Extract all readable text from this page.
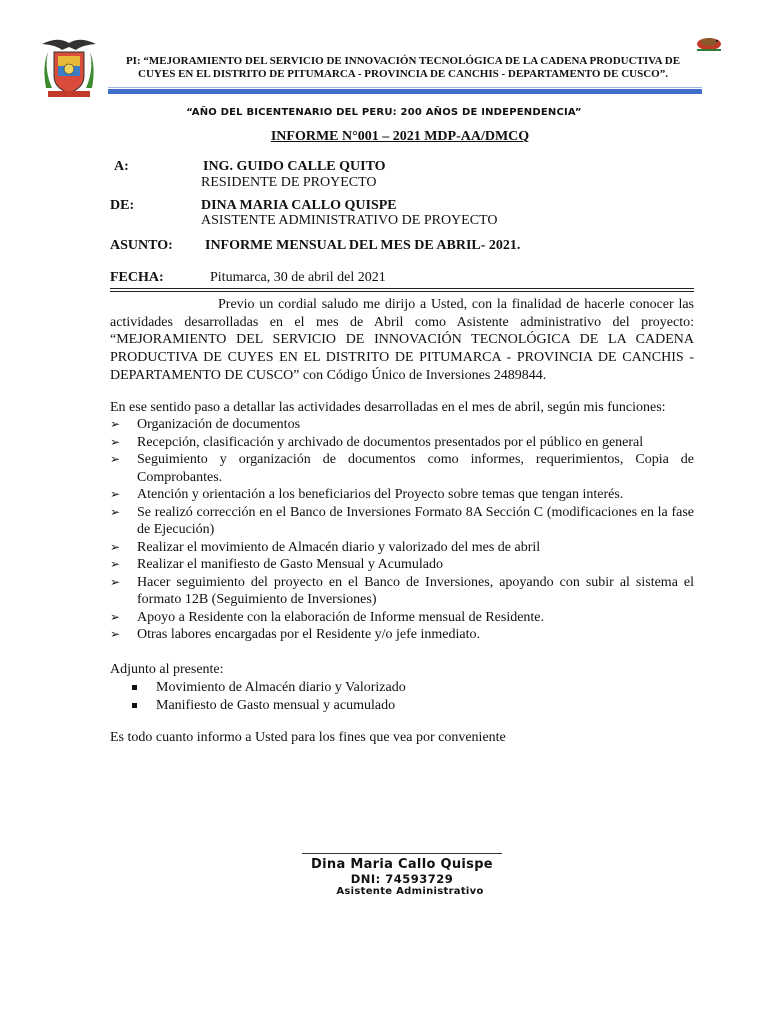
PI: “MEJORAMIENTO DEL SERVICIO DE INNOVACIÓN TECNOLÓGICA DE LA CADENA PRODUCTIVA DE
CUYES EN EL DISTRITO DE PITUMARCA - PROVINCIA DE CANCHIS - DEPARTAMENTO DE CUSCO”.
“AÑO DEL BICENTENARIO DEL PERU: 200 AÑOS DE INDEPENDENCIA”
INFORME N°001 – 2021 MDP-AA/DMCQ
A:	ING. GUIDO CALLE QUITO
RESIDENTE DE PROYECTO
DE:	DINA MARIA CALLO QUISPE
ASISTENTE ADMINISTRATIVO DE PROYECTO
ASUNTO: INFORME MENSUAL DEL MES DE ABRIL- 2021.
FECHA:	Pitumarca, 30 de abril del 2021
Previo un cordial saludo me dirijo a Usted, con la finalidad de hacerle conocer las actividades desarrolladas en el mes de Abril como Asistente administrativo del proyecto: “MEJORAMIENTO DEL SERVICIO DE INNOVACIÓN TECNOLÓGICA DE LA CADENA PRODUCTIVA DE CUYES EN EL DISTRITO DE PITUMARCA - PROVINCIA DE CANCHIS - DEPARTAMENTO DE CUSCO” con Código Único de Inversiones 2489844.
En ese sentido paso a detallar las actividades desarrolladas en el mes de abril, según mis funciones:
➢ Organización de documentos
➢ Recepción, clasificación y archivado de documentos presentados por el público en general
➢ Seguimiento y organización de documentos como informes, requerimientos, Copia de Comprobantes.
➢ Atención y orientación a los beneficiarios del Proyecto sobre temas que tengan interés.
➢ Se realizó corrección en el Banco de Inversiones Formato 8A Sección C (modificaciones en la fase de Ejecución)
➢ Realizar el movimiento de Almacén diario y valorizado del mes de abril
➢ Realizar el manifiesto de Gasto Mensual y Acumulado
➢ Hacer seguimiento del proyecto en el Banco de Inversiones, apoyando con subir al sistema el formato 12B (Seguimiento de Inversiones)
➢ Apoyo a Residente con la elaboración de Informe mensual de Residente.
➢ Otras labores encargadas por el Residente y/o jefe inmediato.
Adjunto al presente:
Movimiento de Almacén diario y Valorizado
Manifiesto de Gasto mensual y acumulado
Es todo cuanto informo a Usted para los fines que vea por conveniente
Dina Maria Callo Quispe
DNI: 74593729
Asistente Administrativo
